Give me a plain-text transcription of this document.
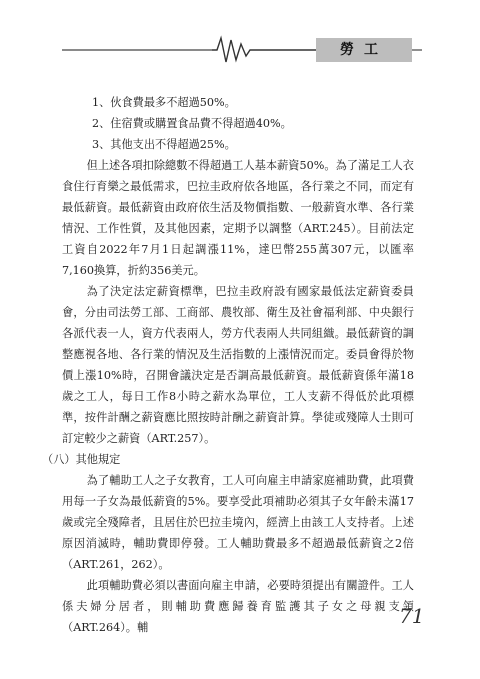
勞工

1、伙食費最多不超過50%。

2、住宿費或購置食品費不得超過40%。

3、其他支出不得超過25%。

但上述各項扣除總數不得超過工人基本薪資50%。為了滿足工人衣食住行育樂之最低需求，巴拉圭政府依各地區，各行業之不同，而定有最低薪資。最低薪資由政府依生活及物價指數、一般薪資水準、各行業情況、工作性質，及其他因素，定期予以調整（ART.245）。目前法定工資自2022年7月1日起調漲11%，達巴幣255萬307元，以匯率7,160換算，折約356美元。

為了決定法定薪資標準，巴拉圭政府設有國家最低法定薪資委員會，分由司法勞工部、工商部、農牧部、衛生及社會福利部、中央銀行各派代表一人，資方代表兩人，勞方代表兩人共同組織。最低薪資的調整應視各地、各行業的情況及生活指數的上漲情況而定。委員會得於物價上漲10%時，召開會議決定是否調高最低薪資。最低薪資係年滿18歲之工人，每日工作8小時之薪水為單位，工人支薪不得低於此項標準，按件計酬之薪資應比照按時計酬之薪資計算。學徒或殘障人士則可訂定較少之薪資（ART.257）。

（八）其他規定

為了輔助工人之子女教育，工人可向雇主申請家庭補助費，此項費用每一子女為最低薪資的5%。要享受此項補助必須其子女年齡未滿17歲或完全殘障者，且居住於巴拉圭境內，經濟上由該工人支持者。上述原因消滅時，輔助費即停發。工人輔助費最多不超過最低薪資之2倍（ART.261，262）。

此項輔助費必須以書面向雇主申請，必要時須提出有關證件。工人係夫婦分居者，則輔助費應歸養育監護其子女之母親支領（ART.264）。輔	71
